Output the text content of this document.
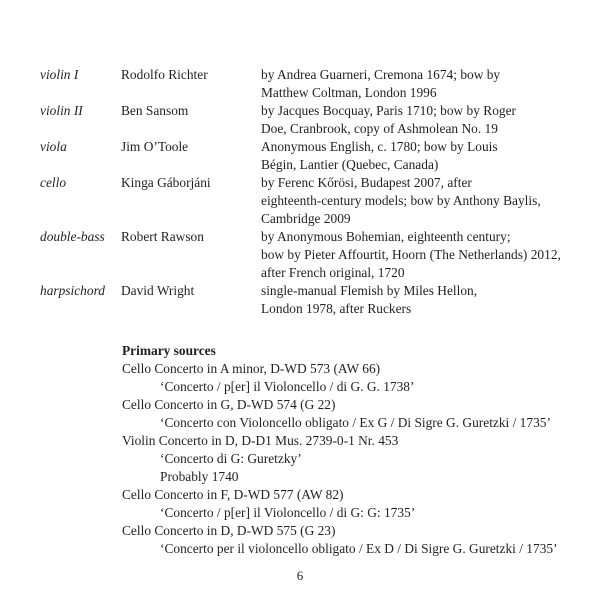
violin I	Rodolfo Richter	by Andrea Guarneri, Cremona 1674; bow by
Matthew Coltman, London 1996
violin II	Ben Sansom	by Jacques Bocquay, Paris 1710; bow by Roger
Doe, Cranbrook, copy of Ashmolean No. 19
viola	Jim O’Toole	Anonymous English, c. 1780; bow by Louis
Bégin, Lantier (Quebec, Canada)
cello	Kinga Gáborjáni	by Ferenc Kőrösi, Budapest 2007, after
eighteenth-century models; bow by Anthony Baylis,
Cambridge 2009
double-bass	Robert Rawson	by Anonymous Bohemian, eighteenth century;
bow by Pieter Affourtit, Hoorn (The Netherlands) 2012,
after French original, 1720
harpsichord	David Wright	single-manual Flemish by Miles Hellon,
London 1978, after Ruckers
Primary sources
Cello Concerto in A minor, D-WD 573 (AW 66)
‘Concerto / p[er] il Violoncello / di G. G. 1738’
Cello Concerto in G, D-WD 574 (G 22)
‘Concerto con Violoncello obligato / Ex G / Di Sigre G. Guretzki / 1735’
Violin Concerto in D, D-D1 Mus. 2739-0-1 Nr. 453
‘Concerto di G: Guretzky’
Probably 1740
Cello Concerto in F, D-WD 577 (AW 82)
‘Concerto / p[er] il Violoncello / di G: G: 1735’
Cello Concerto in D, D-WD 575 (G 23)
‘Concerto per il violoncello obligato / Ex D / Di Sigre G. Guretzki / 1735’
6
